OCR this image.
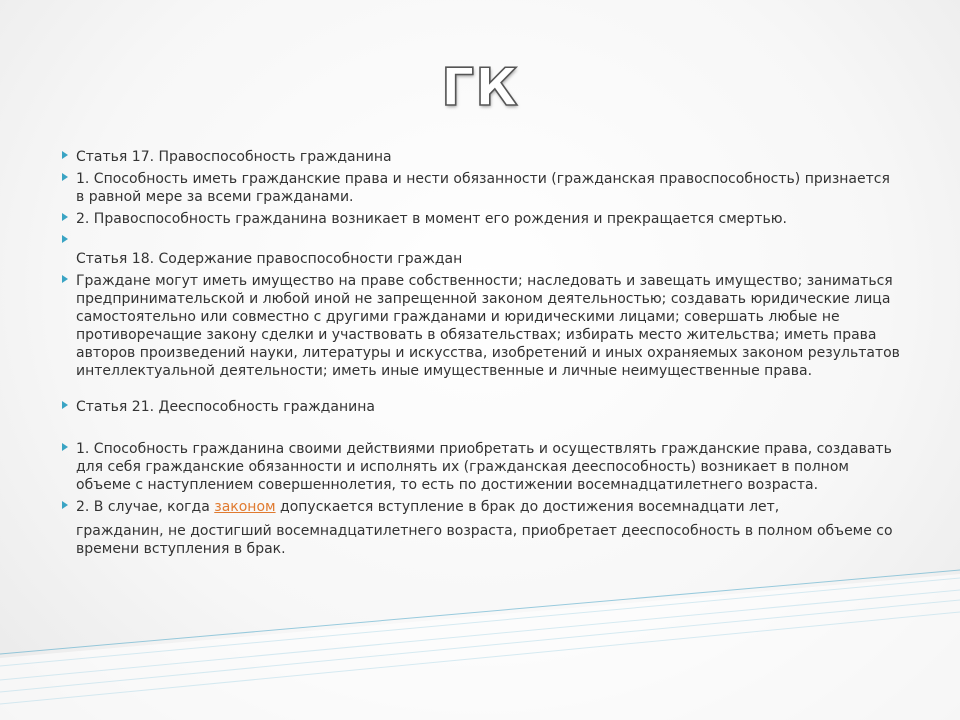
ГК
Статья 17. Правоспособность гражданина
1. Способность иметь гражданские права и нести обязанности (гражданская правоспособность) признается в равной мере за всеми гражданами.
2. Правоспособность гражданина возникает в момент его рождения и прекращается смертью.
Статья 18. Содержание правоспособности граждан
Граждане могут иметь имущество на праве собственности; наследовать и завещать имущество; заниматься предпринимательской и любой иной не запрещенной законом деятельностью; создавать юридические лица самостоятельно или совместно с другими гражданами и юридическими лицами; совершать любые не противоречащие закону сделки и участвовать в обязательствах; избирать место жительства; иметь права авторов произведений науки, литературы и искусства, изобретений и иных охраняемых законом результатов интеллектуальной деятельности; иметь иные имущественные и личные неимущественные права.
Статья 21. Дееспособность гражданина
1. Способность гражданина своими действиями приобретать и осуществлять гражданские права, создавать для себя гражданские обязанности и исполнять их (гражданская дееспособность) возникает в полном объеме с наступлением совершеннолетия, то есть по достижении восемнадцатилетнего возраста.
2. В случае, когда законом допускается вступление в брак до достижения восемнадцати лет,
гражданин, не достигший восемнадцатилетнего возраста, приобретает дееспособность в полном объеме со времени вступления в брак.
